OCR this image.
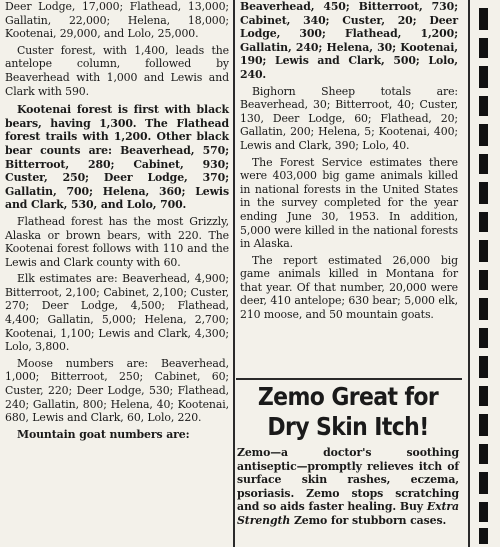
Deer Lodge, 17,000; Flathead, 13,000; Gallatin, 22,000; Helena, 18,000; Kootenai, 29,000, and Lolo, 25,000.

Custer forest, with 1,400, leads the antelope column, followed by Beaverhead with 1,000 and Lewis and Clark with 590.

Kootenai forest is first with black bears, having 1,300. The Flathead forest trails with 1,200. Other black bear counts are: Beaverhead, 570; Bitterroot, 280; Cabinet, 930; Custer, 250; Deer Lodge, 370; Gallatin, 700; Helena, 360; Lewis and Clark, 530, and Lolo, 700.

Flathead forest has the most Grizzly, Alaska or brown bears, with 220. The Kootenai forest follows with 110 and the Lewis and Clark county with 60.

Elk estimates are: Beaverhead, 4,900; Bitterroot, 2,100; Cabinet, 2,100; Custer, 270; Deer Lodge, 4,500; Flathead, 4,400; Gallatin, 5,000; Helena, 2,700; Kootenai, 1,100; Lewis and Clark, 4,300; Lolo, 3,800.

Moose numbers are: Beaverhead, 1,000; Bitterroot, 250; Cabinet, 60; Custer, 220; Deer Lodge, 530; Flathead, 240; Gallatin, 800; Helena, 40; Kootenai, 680, Lewis and Clark, 60, Lolo, 220.

Mountain goat numbers are:

Beaverhead, 450; Bitterroot, 730; Cabinet, 340; Custer, 20; Deer Lodge, 300; Flathead, 1,200; Gallatin, 240; Helena, 30; Kootenai, 190; Lewis and Clark, 500; Lolo, 240.

Bighorn Sheep totals are: Beaverhead, 30; Bitterroot, 40; Custer, 130, Deer Lodge, 60; Flathead, 20; Gallatin, 200; Helena, 5; Kootenai, 400; Lewis and Clark, 390; Lolo, 40.

The Forest Service estimates there were 403,000 big game animals killed in national forests in the United States in the survey completed for the year ending June 30, 1953. In addition, 5,000 were killed in the national forests in Alaska.

The report estimated 26,000 big game animals killed in Montana for that year. Of that number, 20,000 were deer, 410 antelope; 630 bear; 5,000 elk, 210 moose, and 50 mountain goats.

Zemo Great for
Dry Skin Itch!

Zemo—a doctor's soothing antiseptic—promptly relieves itch of surface skin rashes, eczema, psoriasis. Zemo stops scratching and so aids faster healing. Buy Extra Strength Zemo for stubborn cases.
